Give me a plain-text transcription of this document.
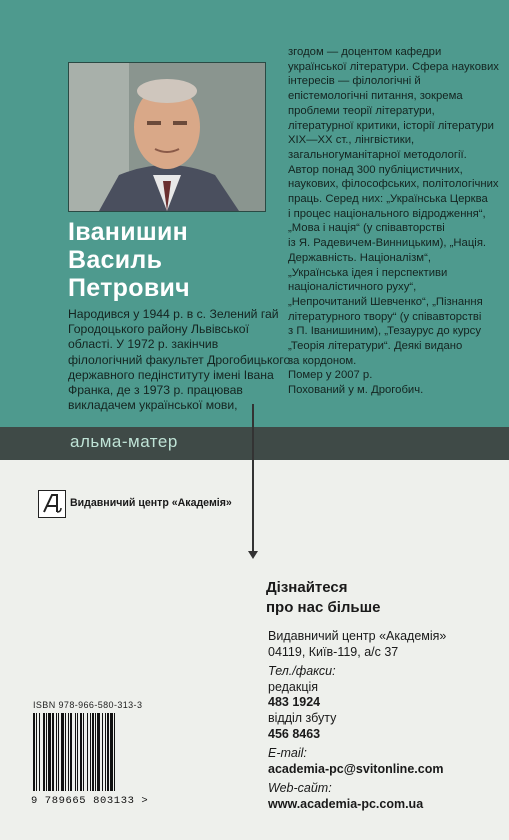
Іванишин
Василь
Петрович
Народився у 1944 р. в с. Зелений гай
Городоцького району Львівської
області. У 1972 р. закінчив
філологічний факультет Дрогобицького
державного педінституту імені Івана
Франка, де з 1973 р. працював
викладачем української мови,
згодом — доцентом кафедри
української літератури. Сфера наукових
інтересів — філологічні й
епістемологічні питання, зокрема
проблеми теорії літератури,
літературної критики, історії літератури
XIX—XX ст., лінгвістики,
загальногуманітарної методології.
Автор понад 300 публіцистичних,
наукових, філософських, політологічних
праць. Серед них: „Українська Церква
і процес національного відродження“,
„Мова і нація“ (у співавторстві
із Я. Радевичем-Винницьким), „Нація.
Державність. Націоналізм“,
„Українська ідея і перспективи
націоналістичного руху“,
„Непрочитаний Шевченко“, „Пізнання
літературного твору“ (у співавторстві
з П. Іванишиним), „Тезаурус до курсу
„Теорія літератури“. Деякі видано
за кордоном.
Помер у 2007 р.
Похований у м. Дрогобич.
альма-матер
Видавничий центр «Академія»
Дізнайтеся
про нас більше
Видавничий центр «Академія»
04119, Київ-119, а/с 37
Тел./факси:
редакція
483 1924
відділ збуту
456 8463
E-mail:
academia-pc@svitonline.com
Web-сайт:
www.academia-pc.com.ua
ISBN 978-966-580-313-3
9 789665 803133 >
